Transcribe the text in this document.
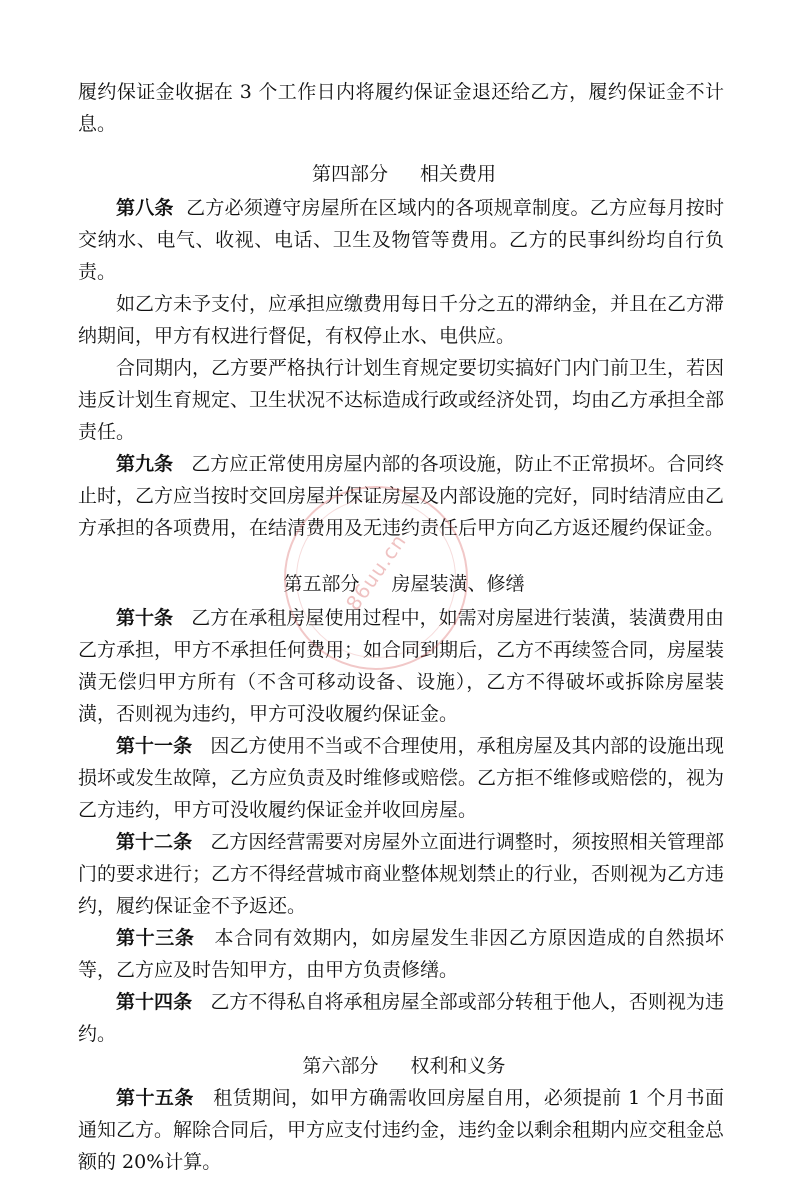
履约保证金收据在 3 个工作日内将履约保证金退还给乙方，履约保证金不计息。

第四部分 相关费用

第八条 乙方必须遵守房屋所在区域内的各项规章制度。乙方应每月按时交纳水、电气、收视、电话、卫生及物管等费用。乙方的民事纠纷均自行负责。

如乙方未予支付，应承担应缴费用每日千分之五的滞纳金，并且在乙方滞纳期间，甲方有权进行督促，有权停止水、电供应。

合同期内，乙方要严格执行计划生育规定要切实搞好门内门前卫生，若因违反计划生育规定、卫生状况不达标造成行政或经济处罚，均由乙方承担全部责任。

第九条 乙方应正常使用房屋内部的各项设施，防止不正常损坏。合同终止时，乙方应当按时交回房屋并保证房屋及内部设施的完好，同时结清应由乙方承担的各项费用，在结清费用及无违约责任后甲方向乙方返还履约保证金。

第五部分 房屋装潢、修缮

第十条 乙方在承租房屋使用过程中，如需对房屋进行装潢，装潢费用由乙方承担，甲方不承担任何费用；如合同到期后，乙方不再续签合同，房屋装潢无偿归甲方所有（不含可移动设备、设施），乙方不得破坏或拆除房屋装潢，否则视为违约，甲方可没收履约保证金。

第十一条 因乙方使用不当或不合理使用，承租房屋及其内部的设施出现损坏或发生故障，乙方应负责及时维修或赔偿。乙方拒不维修或赔偿的，视为乙方违约，甲方可没收履约保证金并收回房屋。

第十二条 乙方因经营需要对房屋外立面进行调整时，须按照相关管理部门的要求进行；乙方不得经营城市商业整体规划禁止的行业，否则视为乙方违约，履约保证金不予返还。

第十三条 本合同有效期内，如房屋发生非因乙方原因造成的自然损坏等，乙方应及时告知甲方，由甲方负责修缮。

第十四条 乙方不得私自将承租房屋全部或部分转租于他人，否则视为违约。

第六部分 权利和义务

第十五条 租赁期间，如甲方确需收回房屋自用，必须提前 1 个月书面通知乙方。解除合同后，甲方应支付违约金，违约金以剩余租期内应交租金总额的 20%计算。

86uu.cn
